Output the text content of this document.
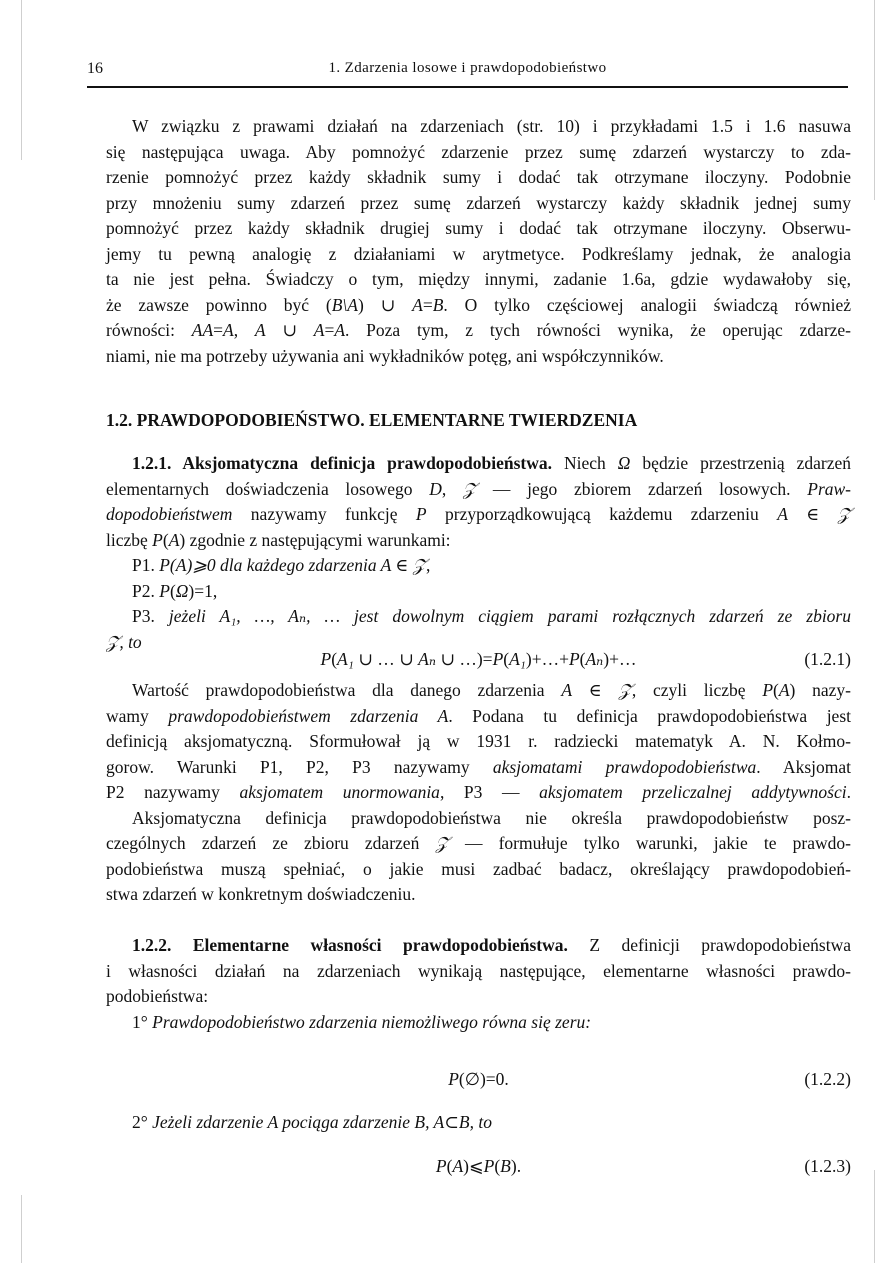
16	1. Zdarzenia losowe i prawdopodobieństwo
W związku z prawami działań na zdarzeniach (str. 10) i przykładami 1.5 i 1.6 nasuwa
się następująca uwaga. Aby pomnożyć zdarzenie przez sumę zdarzeń wystarczy to zda-
rzenie pomnożyć przez każdy składnik sumy i dodać tak otrzymane iloczyny. Podobnie
przy mnożeniu sumy zdarzeń przez sumę zdarzeń wystarczy każdy składnik jednej sumy
pomnożyć przez każdy składnik drugiej sumy i dodać tak otrzymane iloczyny. Obserwu-
jemy tu pewną analogię z działaniami w arytmetyce. Podkreślamy jednak, że analogia
ta nie jest pełna. Świadczy o tym, między innymi, zadanie 1.6a, gdzie wydawałoby się,
że zawsze powinno być (B\A) ∪ A=B. O tylko częściowej analogii świadczą również
równości: AA=A, A ∪ A=A. Poza tym, z tych równości wynika, że operując zdarze-
niami, nie ma potrzeby używania ani wykładników potęg, ani współczynników.
1.2. PRAWDOPODOBIEŃSTWO. ELEMENTARNE TWIERDZENIA
1.2.1. Aksjomatyczna definicja prawdopodobieństwa. Niech Ω będzie przestrzenią zdarzeń
elementarnych doświadczenia losowego D, 𝒵 — jego zbiorem zdarzeń losowych. Praw-
dopodobieństwem nazywamy funkcję P przyporządkowującą każdemu zdarzeniu A ∈ 𝒵
liczbę P(A) zgodnie z następującymi warunkami:
P1. P(A)⩾0 dla każdego zdarzenia A ∈ 𝒵,
P2. P(Ω)=1,
P3. jeżeli A₁, …, Aₙ, … jest dowolnym ciągiem parami rozłącznych zdarzeń ze zbioru
𝒵, to
P(A₁ ∪ … ∪ Aₙ ∪ …)=P(A₁)+…+P(Aₙ)+…	(1.2.1)
Wartość prawdopodobieństwa dla danego zdarzenia A ∈ 𝒵, czyli liczbę P(A) nazy-
wamy prawdopodobieństwem zdarzenia A. Podana tu definicja prawdopodobieństwa jest
definicją aksjomatyczną. Sformułował ją w 1931 r. radziecki matematyk A. N. Kołmo-
gorow. Warunki P1, P2, P3 nazywamy aksjomatami prawdopodobieństwa. Aksjomat
P2 nazywamy aksjomatem unormowania, P3 — aksjomatem przeliczalnej addytywności.
Aksjomatyczna definicja prawdopodobieństwa nie określa prawdopodobieństw posz-
czególnych zdarzeń ze zbioru zdarzeń 𝒵 — formułuje tylko warunki, jakie te prawdo-
podobieństwa muszą spełniać, o jakie musi zadbać badacz, określający prawdopodobień-
stwa zdarzeń w konkretnym doświadczeniu.
1.2.2. Elementarne własności prawdopodobieństwa. Z definicji prawdopodobieństwa
i własności działań na zdarzeniach wynikają następujące, elementarne własności prawdo-
podobieństwa:
1° Prawdopodobieństwo zdarzenia niemożliwego równa się zeru:
P(∅)=0.	(1.2.2)
2° Jeżeli zdarzenie A pociąga zdarzenie B, A⊂B, to
P(A)⩽P(B).	(1.2.3)
